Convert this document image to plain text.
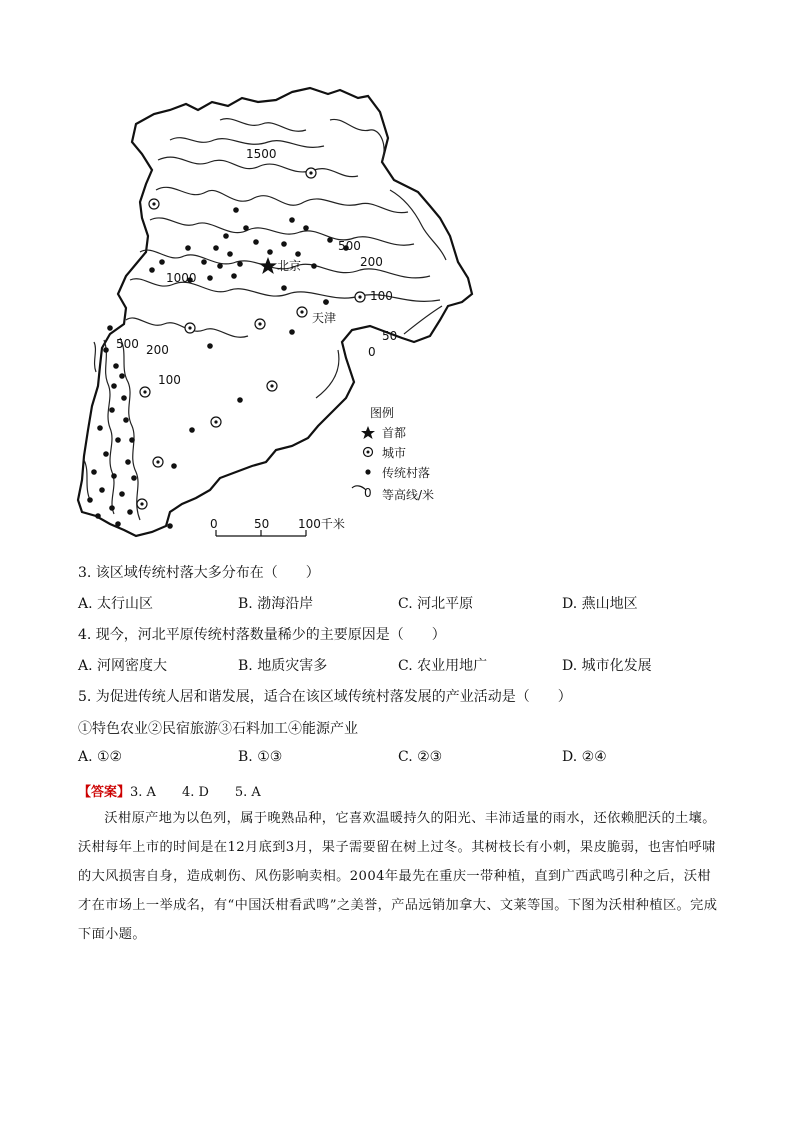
北京
天津
1500
1000
500
200
100
50
0
500 200
100
图例
首都
城市
传统村落
0 等高线/米
0	50 100千米
3. 该区域传统村落大多分布在（　　）
A. 太行山区	B. 渤海沿岸	C. 河北平原	D. 燕山地区
4. 现今，河北平原传统村落数量稀少的主要原因是（　　）
A. 河网密度大	B. 地质灾害多	C. 农业用地广	D. 城市化发展
5. 为促进传统人居和谐发展，适合在该区域传统村落发展的产业活动是（　　）
①特色农业②民宿旅游③石料加工④能源产业
A. ①②	B. ①③	C. ②③	D. ②④
【答案】3. A　　4. D　　5. A
沃柑原产地为以色列，属于晚熟品种，它喜欢温暖持久的阳光、丰沛适量的雨水，还依赖肥沃的土壤。沃柑每年上市的时间是在12月底到3月，果子需要留在树上过冬。其树枝长有小刺，果皮脆弱，也害怕呼啸的大风损害自身，造成刺伤、风伤影响卖相。2004年最先在重庆一带种植，直到广西武鸣引种之后，沃柑才在市场上一举成名，有“中国沃柑看武鸣”之美誉，产品远销加拿大、文莱等国。下图为沃柑种植区。完成下面小题。
